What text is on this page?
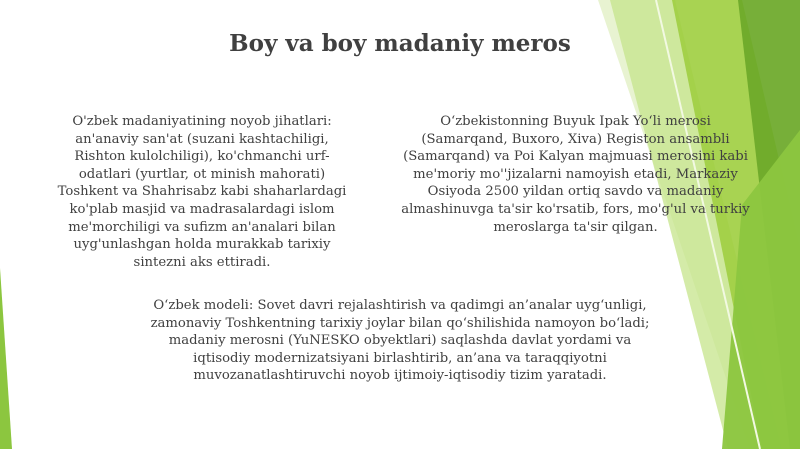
Boy va boy madaniy meros

O'zbek madaniyatining noyob jihatlari: an'anaviy san'at (suzani kashtachiligi, Rishton kulolchiligi), ko'chmanchi urf-odatlari (yurtlar, ot minish mahorati) Toshkent va Shahrisabz kabi shaharlardagi ko'plab masjid va madrasalardagi islom me'morchiligi va sufizm an'analari bilan uyg'unlashgan holda murakkab tarixiy sintezni aks ettiradi.

O‘zbekistonning Buyuk Ipak Yo‘li merosi (Samarqand, Buxoro, Xiva) Registon ansambli (Samarqand) va Poi Kalyan majmuasi merosini kabi me'moriy mo''jizalarni namoyish etadi, Markaziy Osiyoda 2500 yildan ortiq savdo va madaniy almashinuvga ta'sir ko'rsatib, fors, mo'g'ul va turkiy meroslarga ta'sir qilgan.

O‘zbek modeli: Sovet davri rejalashtirish va qadimgi an’analar uyg‘unligi, zamonaviy Toshkentning tarixiy joylar bilan qo‘shilishida namoyon bo‘ladi; madaniy merosni (YuNESKO obyektlari) saqlashda davlat yordami va iqtisodiy modernizatsiyani birlashtirib, an’ana va taraqqiyotni muvozanatlashtiruvchi noyob ijtimoiy-iqtisodiy tizim yaratadi.
